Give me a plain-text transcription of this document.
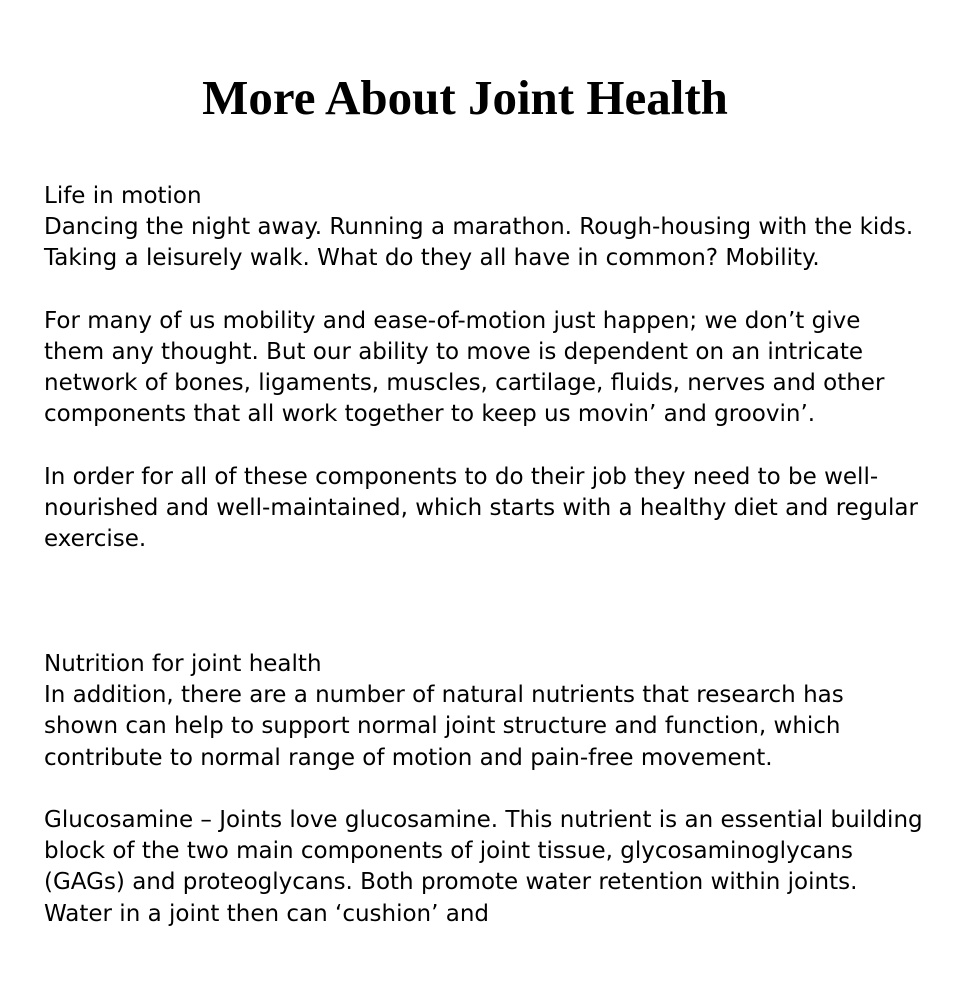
More About Joint Health
Life in motion

Dancing the night away. Running a marathon. Rough-housing with the kids. Taking a leisurely walk. What do they all have in common? Mobility.

For many of us mobility and ease-of-motion just happen; we don’t give them any thought. But our ability to move is dependent on an intricate network of bones, ligaments, muscles, cartilage, fluids, nerves and other components that all work together to keep us movin’ and groovin’.

In order for all of these components to do their job they need to be well-nourished and well-maintained, which starts with a healthy diet and regular exercise.

Nutrition for joint health

In addition, there are a number of natural nutrients that research has shown can help to support normal joint structure and function, which contribute to normal range of motion and pain-free movement.

Glucosamine – Joints love glucosamine. This nutrient is an essential building block of the two main components of joint tissue, glycosaminoglycans (GAGs) and proteoglycans. Both promote water retention within joints. Water in a joint then can ‘cushion’ and
